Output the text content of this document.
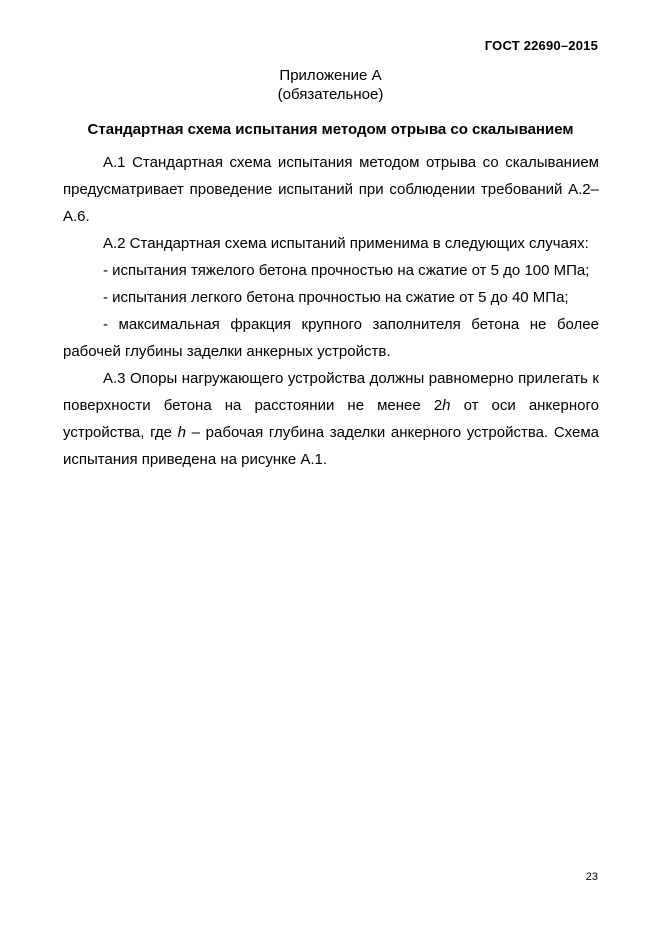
ГОСТ 22690–2015
Приложение А
(обязательное)
Стандартная схема испытания методом отрыва со скалыванием

А.1 Стандартная схема испытания методом отрыва со скалыванием предусматривает проведение испытаний при соблюдении требований А.2–А.6.

А.2 Стандартная схема испытаний применима в следующих случаях:

- испытания тяжелого бетона прочностью на сжатие от 5 до 100 МПа;

- испытания легкого бетона прочностью на сжатие от 5 до 40 МПа;

- максимальная фракция крупного заполнителя бетона не более рабочей глубины заделки анкерных устройств.

А.3 Опоры нагружающего устройства должны равномерно прилегать к поверхности бетона на расстоянии не менее 2h от оси анкерного устройства, где h – рабочая глубина заделки анкерного устройства. Схема испытания приведена на рисунке А.1.

23
